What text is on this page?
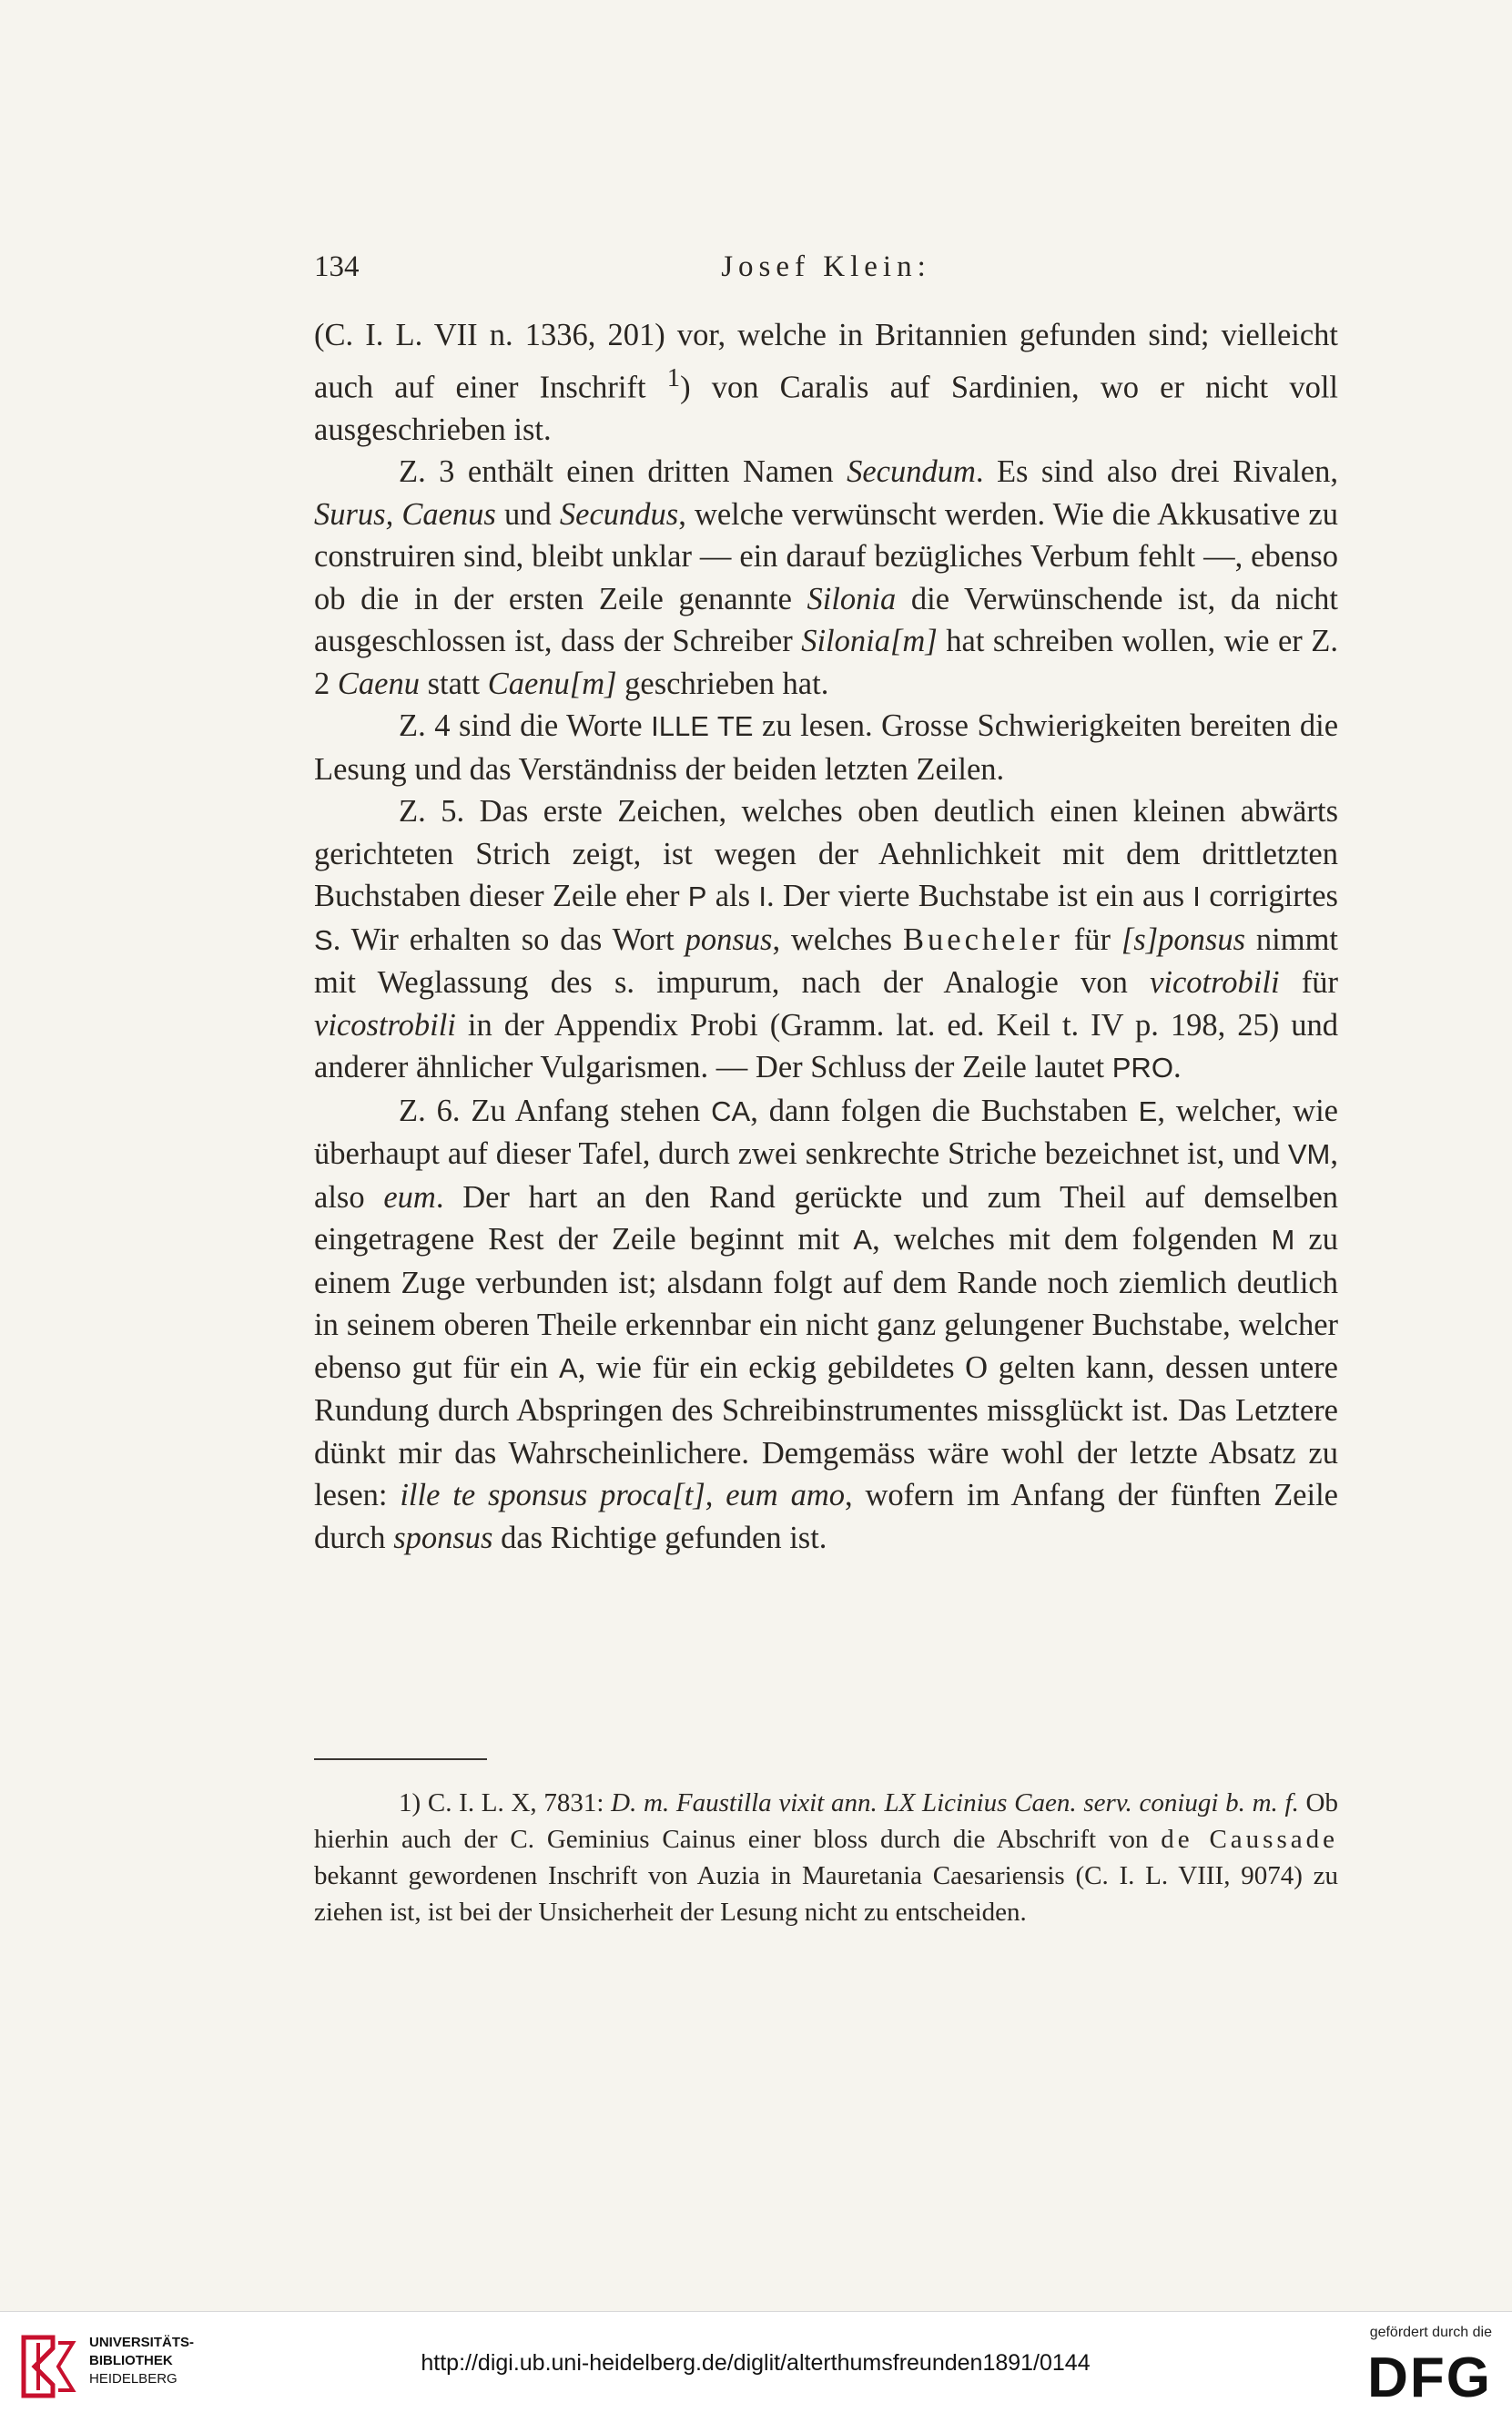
134	Josef Klein:

(C. I. L. VII n. 1336, 201) vor, welche in Britannien gefunden sind; vielleicht auch auf einer Inschrift $^1$) von Caralis auf Sardinien, wo er nicht voll ausgeschrieben ist.

Z. 3 enthält einen dritten Namen Secundum. Es sind also drei Rivalen, Surus, Caenus und Secundus, welche verwünscht werden. Wie die Akkusative zu construiren sind, bleibt unklar — ein darauf bezügliches Verbum fehlt —, ebenso ob die in der ersten Zeile genannte Silonia die Verwünschende ist, da nicht ausgeschlossen ist, dass der Schreiber Silonia[m] hat schreiben wollen, wie er Z. 2 Caenu statt Caenu[m] geschrieben hat.

Z. 4 sind die Worte ILLE TE zu lesen. Grosse Schwierigkeiten bereiten die Lesung und das Verständniss der beiden letzten Zeilen.

Z. 5. Das erste Zeichen, welches oben deutlich einen kleinen abwärts gerichteten Strich zeigt, ist wegen der Aehnlichkeit mit dem drittletzten Buchstaben dieser Zeile eher P als I. Der vierte Buchstabe ist ein aus I corrigirtes S. Wir erhalten so das Wort ponsus, welches Buecheler für [s]ponsus nimmt mit Weglassung des s. impurum, nach der Analogie von vicotrobili für vicostrobili in der Appendix Probi (Gramm. lat. ed. Keil t. IV p. 198, 25) und anderer ähnlicher Vulgarismen. — Der Schluss der Zeile lautet PRO.

Z. 6. Zu Anfang stehen CA, dann folgen die Buchstaben E, welcher, wie überhaupt auf dieser Tafel, durch zwei senkrechte Striche bezeichnet ist, und VM, also eum. Der hart an den Rand gerückte und zum Theil auf demselben eingetragene Rest der Zeile beginnt mit A, welches mit dem folgenden M zu einem Zuge verbunden ist; alsdann folgt auf dem Rande noch ziemlich deutlich in seinem oberen Theile erkennbar ein nicht ganz gelungener Buchstabe, welcher ebenso gut für ein A, wie für ein eckig gebildetes O gelten kann, dessen untere Rundung durch Abspringen des Schreibinstrumentes missglückt ist. Das Letztere dünkt mir das Wahrscheinlichere. Demgemäss wäre wohl der letzte Absatz zu lesen: ille te sponsus proca[t], eum amo, wofern im Anfang der fünften Zeile durch sponsus das Richtige gefunden ist.

1) C. I. L. X, 7831: D. m. Faustilla vixit ann. LX Licinius Caen. serv. coniugi b. m. f. Ob hierhin auch der C. Geminius Cainus einer bloss durch die Abschrift von de Caussade bekannt gewordenen Inschrift von Auzia in Mauretania Caesariensis (C. I. L. VIII, 9074) zu ziehen ist, ist bei der Unsicherheit der Lesung nicht zu entscheiden.

UNIVERSITÄTS-
BIBLIOTHEK
HEIDELBERG
http://digi.ub.uni-heidelberg.de/diglit/alterthumsfreunden1891/0144
gefördert durch die
DFG
